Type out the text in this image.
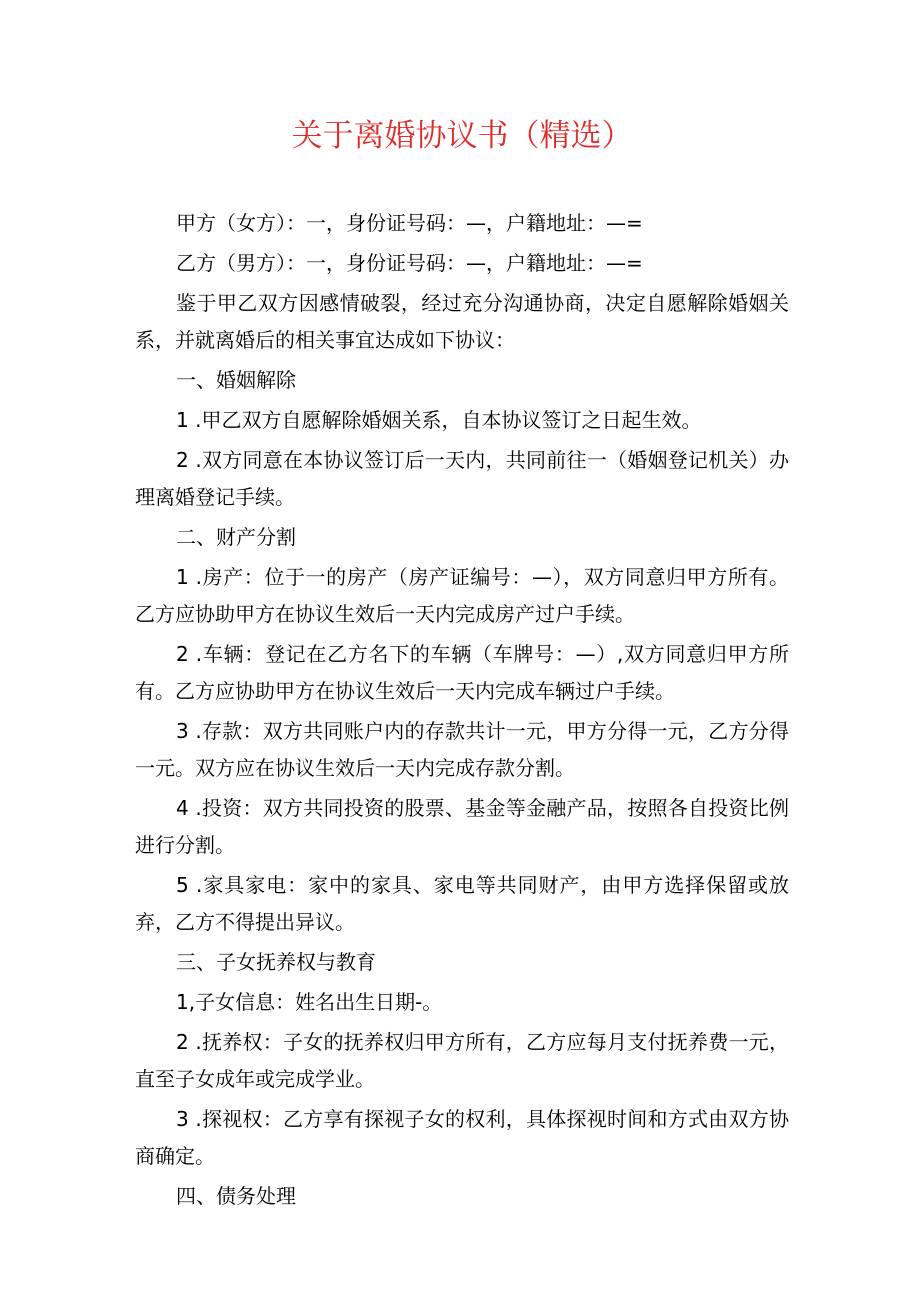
关于离婚协议书（精选）

甲方（女方）：一，身份证号码：—，户籍地址：—=

乙方（男方）：一，身份证号码：—，户籍地址：—=

鉴于甲乙双方因感情破裂，经过充分沟通协商，决定自愿解除婚姻关系，并就离婚后的相关事宜达成如下协议：

一、婚姻解除

1 .甲乙双方自愿解除婚姻关系，自本协议签订之日起生效。

2 .双方同意在本协议签订后一天内，共同前往一（婚姻登记机关）办理离婚登记手续。

二、财产分割

1 .房产：位于一的房产（房产证编号：—），双方同意归甲方所有。乙方应协助甲方在协议生效后一天内完成房产过户手续。

2 .车辆：登记在乙方名下的车辆（车牌号：—）,双方同意归甲方所有。乙方应协助甲方在协议生效后一天内完成车辆过户手续。

3 .存款：双方共同账户内的存款共计一元，甲方分得一元，乙方分得一元。双方应在协议生效后一天内完成存款分割。

4 .投资：双方共同投资的股票、基金等金融产品，按照各自投资比例进行分割。

5 .家具家电：家中的家具、家电等共同财产，由甲方选择保留或放弃，乙方不得提出异议。

三、子女抚养权与教育

1,子女信息：姓名出生日期-。

2 .抚养权：子女的抚养权归甲方所有，乙方应每月支付抚养费一元，直至子女成年或完成学业。

3 .探视权：乙方享有探视子女的权利，具体探视时间和方式由双方协商确定。

四、债务处理
